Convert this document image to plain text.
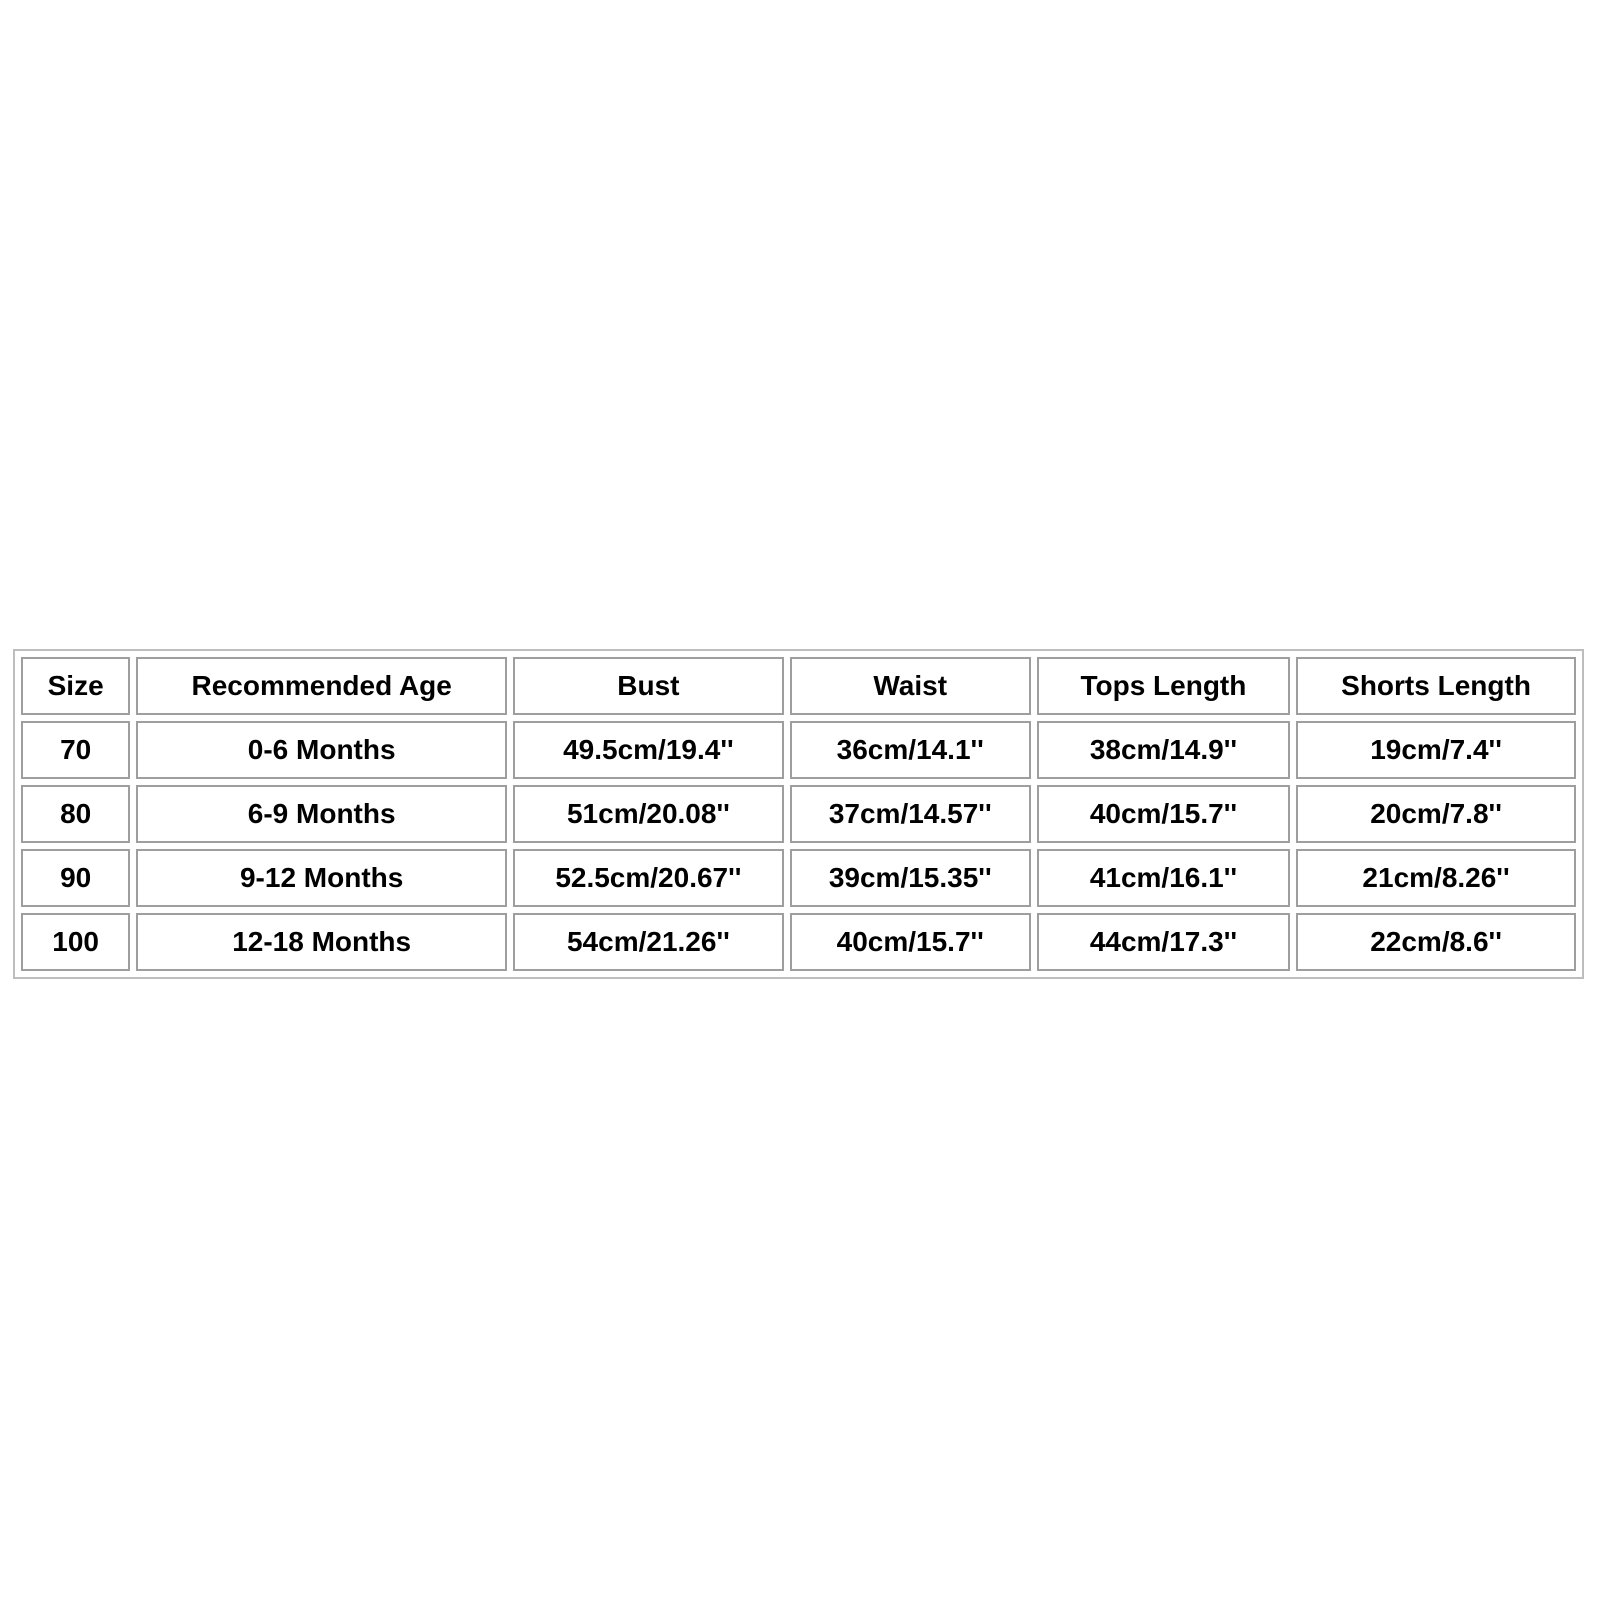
Size	Recommended Age	Bust	Waist	Tops Length	Shorts Length
70	0-6 Months	49.5cm/19.4''	36cm/14.1''	38cm/14.9''	19cm/7.4''
80	6-9 Months	51cm/20.08''	37cm/14.57''	40cm/15.7''	20cm/7.8''
90	9-12 Months	52.5cm/20.67''	39cm/15.35''	41cm/16.1''	21cm/8.26''
100	12-18 Months	54cm/21.26''	40cm/15.7''	44cm/17.3''	22cm/8.6''
